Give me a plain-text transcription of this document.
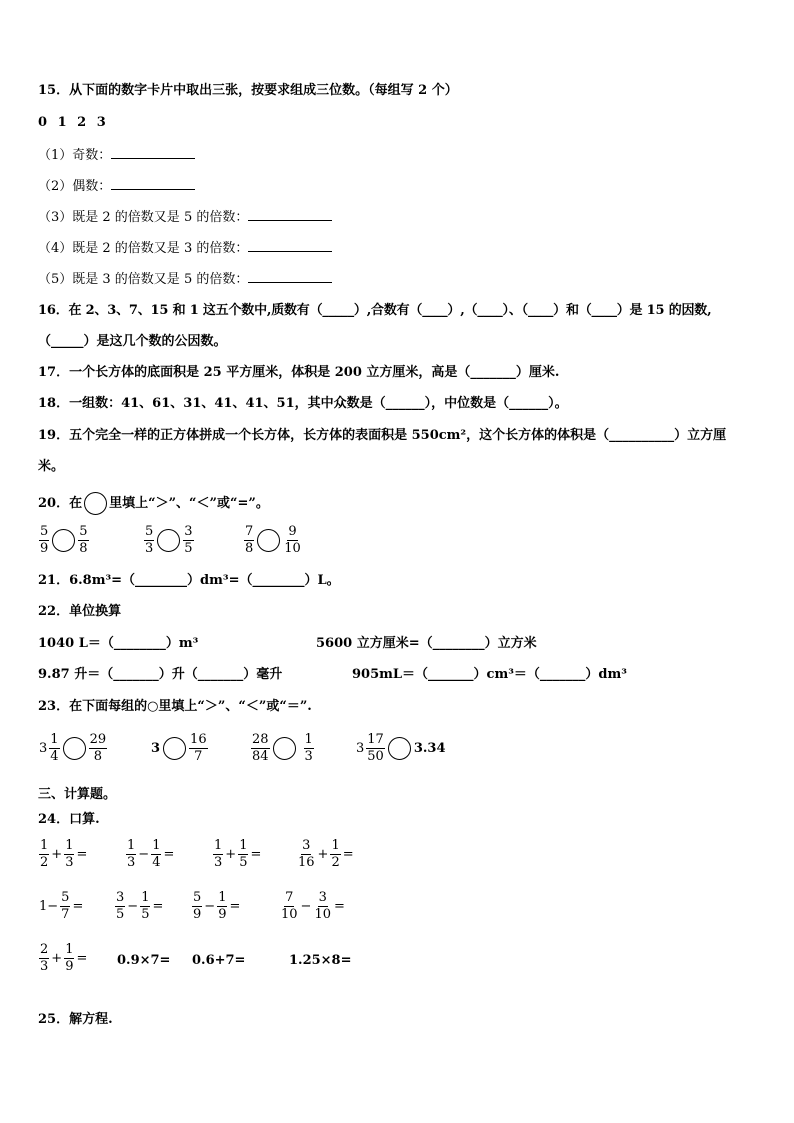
15．从下面的数字卡片中取出三张，按要求组成三位数。（每组写 2 个）
0 1 2 3
（1）奇数：
（2）偶数：
（3）既是 2 的倍数又是 5 的倍数：
（4）既是 2 的倍数又是 3 的倍数：
（5）既是 3 的倍数又是 5 的倍数：
16．在 2、3、7、15 和 1 这五个数中,质数有（_____）,合数有（____）,（____）、（____）和（____）是 15 的因数,
（_____）是这几个数的公因数。
17．一个长方体的底面积是 25 平方厘米，体积是 200 立方厘米，高是（_______）厘米.
18．一组数：41、61、31、41、41、51，其中众数是（______），中位数是（______）。
19．五个完全一样的正方体拼成一个长方体，长方体的表面积是 550cm²，这个长方体的体积是（__________）立方厘
米。
20．在 里填上“＞”、“＜”或“=”。
$\frac{5}{9} \frac{5}{8}$	$\frac{5}{3} \frac{3}{5}$	$\frac{7}{8} \frac{9}{10}$
21．6.8m³=（________）dm³=（________）L。
22．单位换算
1040 L＝（________）m³	5600 立方厘米=（________）立方米
9.87 升＝（_______）升（_______）毫升	905mL＝（_______）cm³＝（_______）dm³
23．在下面每组的○里填上“＞”、“＜”或“＝”.
$3 \frac{1}{4} \frac{29}{8}$	$3 \frac{16}{7}$	$\frac{28}{84}$	$\frac{1}{3}$	$3 \frac{17}{50} 3.34$
三、计算题。
24．口算.
$\frac{1}{2} + \frac{1}{3}$ =	$\frac{1}{3} - \frac{1}{4}$ =	$\frac{1}{3} + \frac{1}{5}$ =	$\frac{3}{16} + \frac{1}{2}$ =
$1- \frac{5}{7} = \frac{3}{5} - \frac{1}{5} = \frac{5}{9} - \frac{1}{9}$ =	$\frac{7}{10} - \frac{3}{10}$ =
$\frac{2}{3} + \frac{1}{9} = 0.9\times 7= 0.6+7=$	1.25×8=
25．解方程.
